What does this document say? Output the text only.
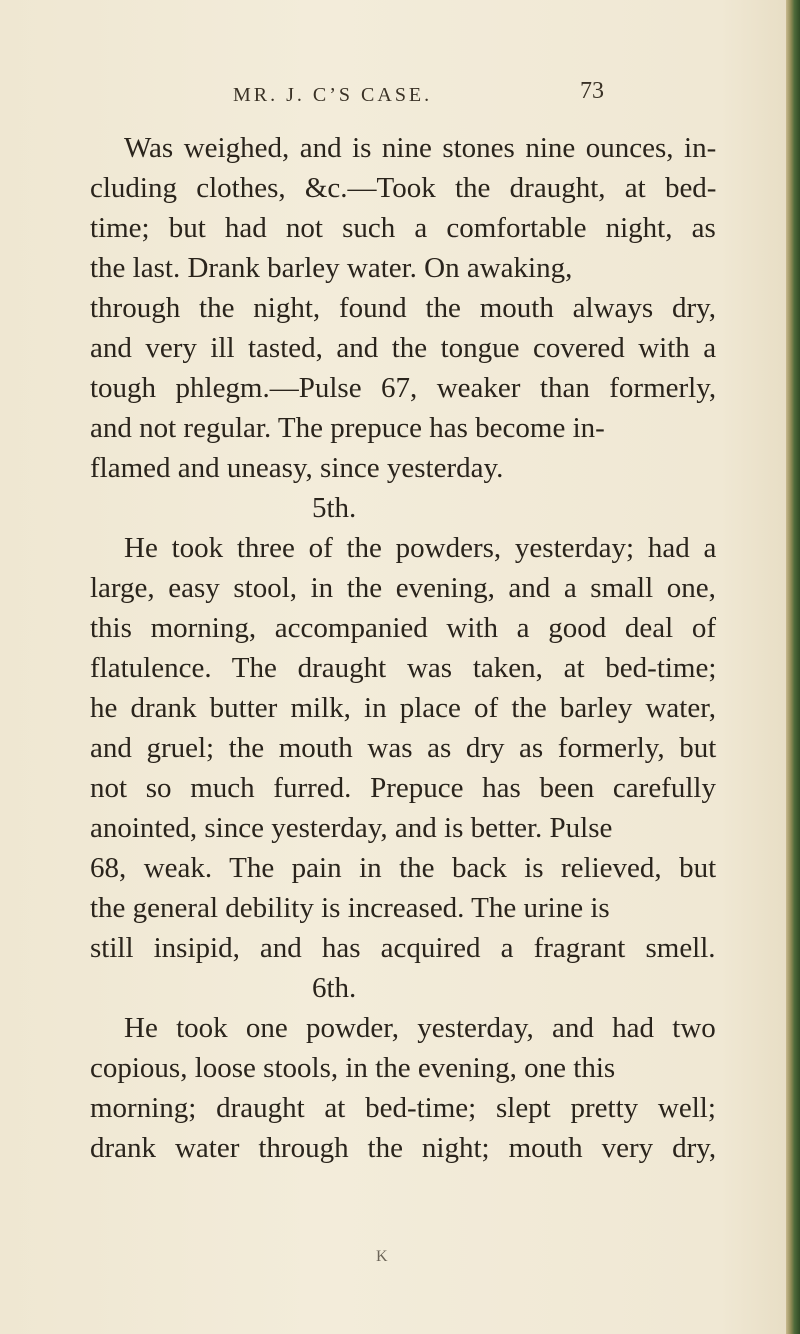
MR. J. C’S CASE.	73
Was weighed, and is nine stones nine ounces, in-
cluding clothes, &c.—Took the draught, at bed-
time; but had not such a comfortable night, as
the last. Drank barley water. On awaking,
through the night, found the mouth always dry,
and very ill tasted, and the tongue covered with a
tough phlegm.—Pulse 67, weaker than formerly,
and not regular. The prepuce has become in-
flamed and uneasy, since yesterday.
5th.
He took three of the powders, yesterday; had a
large, easy stool, in the evening, and a small one,
this morning, accompanied with a good deal of
flatulence. The draught was taken, at bed-time;
he drank butter milk, in place of the barley water,
and gruel; the mouth was as dry as formerly, but
not so much furred. Prepuce has been carefully
anointed, since yesterday, and is better. Pulse
68, weak. The pain in the back is relieved, but
the general debility is increased. The urine is
still insipid, and has acquired a fragrant smell.
6th.
He took one powder, yesterday, and had two
copious, loose stools, in the evening, one this
morning; draught at bed-time; slept pretty well;
drank water through the night; mouth very dry,
K
